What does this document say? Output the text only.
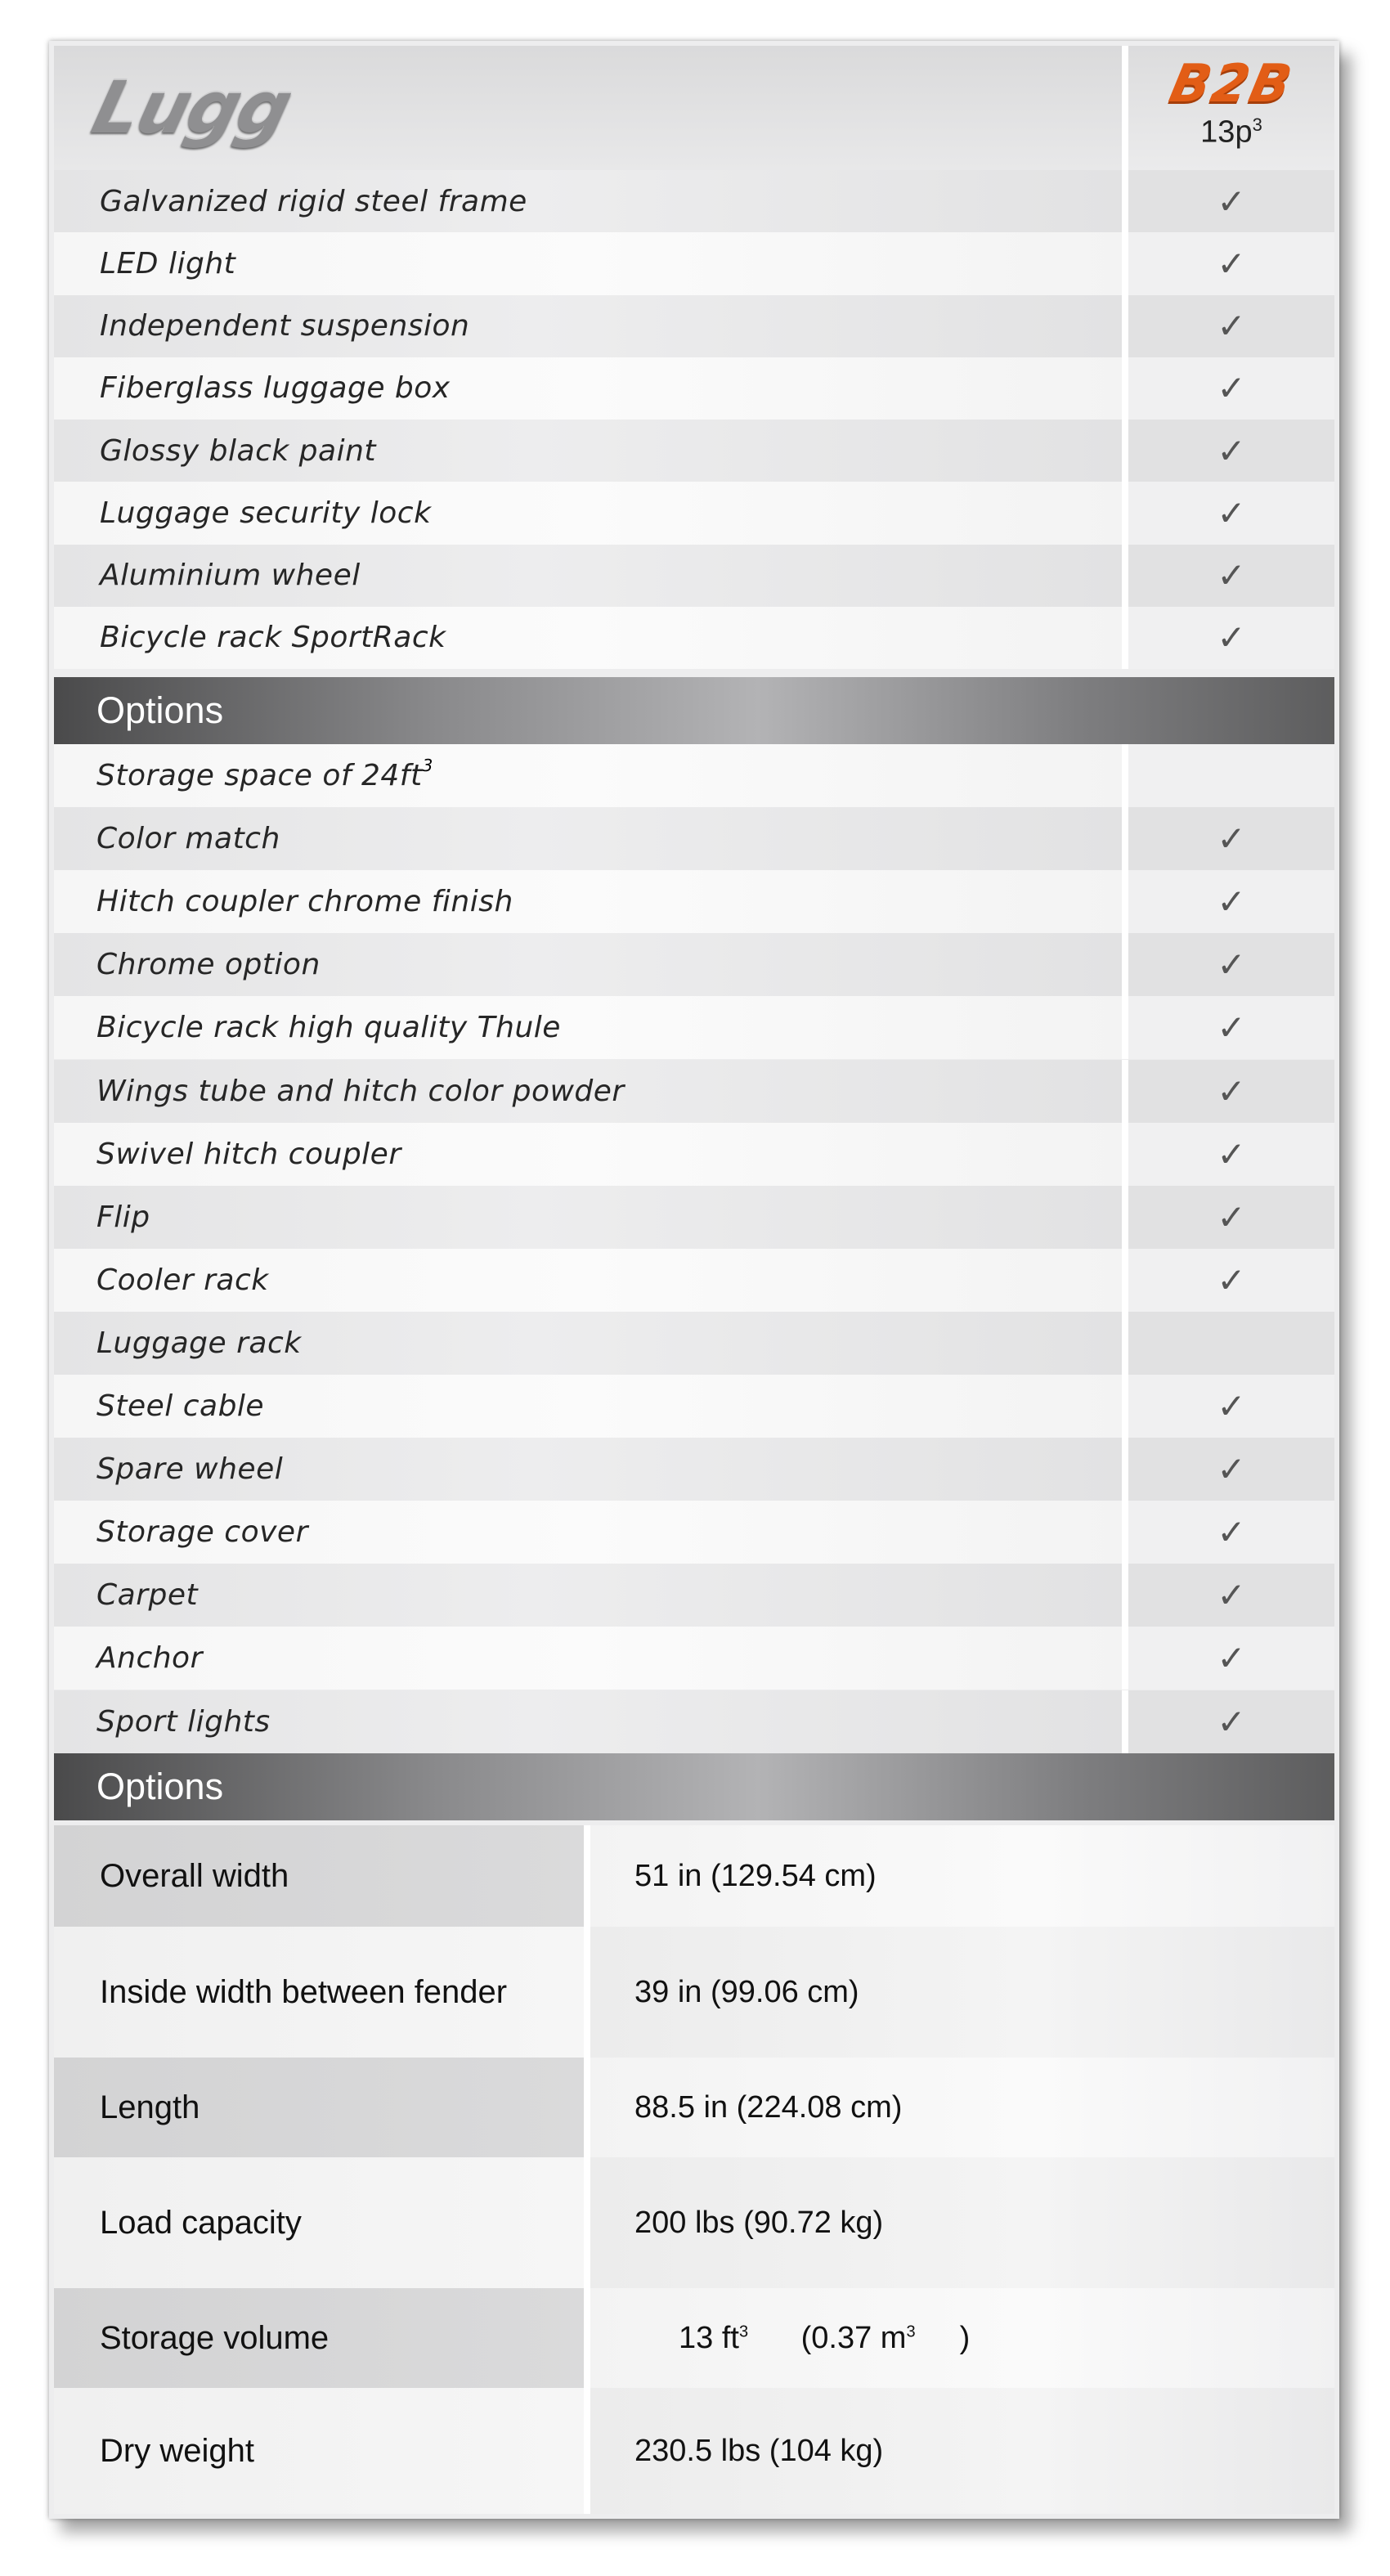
Lugg	B2B
$13p^3$
Galvanized rigid steel frame	✓
LED light	✓
Independent suspension	✓
Fiberglass luggage box	✓
Glossy black paint	✓
Luggage security lock	✓
Aluminium wheel	✓
Bicycle rack SportRack	✓
Options
Storage space of 24ft 3
Color match	✓
Hitch coupler chrome finish	✓
Chrome option	✓
Bicycle rack high quality Thule	✓
Wings tube and hitch color powder	✓
Swivel hitch coupler	✓
Flip	✓
Cooler rack	✓
Luggage rack
Steel cable	✓
Spare wheel	✓
Storage cover	✓
Carpet	✓
Anchor	✓
Sport lights	✓
Options
Overall width	51 in (129.54 cm)
Inside width between fender	39 in (99.06 cm)
Length	88.5 in (224.08 cm)
Load capacity	200 lbs (90.72 kg)
Storage volume	13 $ft^3$ (0.37 $m^3$ )
Dry weight	230.5 lbs (104 kg)
